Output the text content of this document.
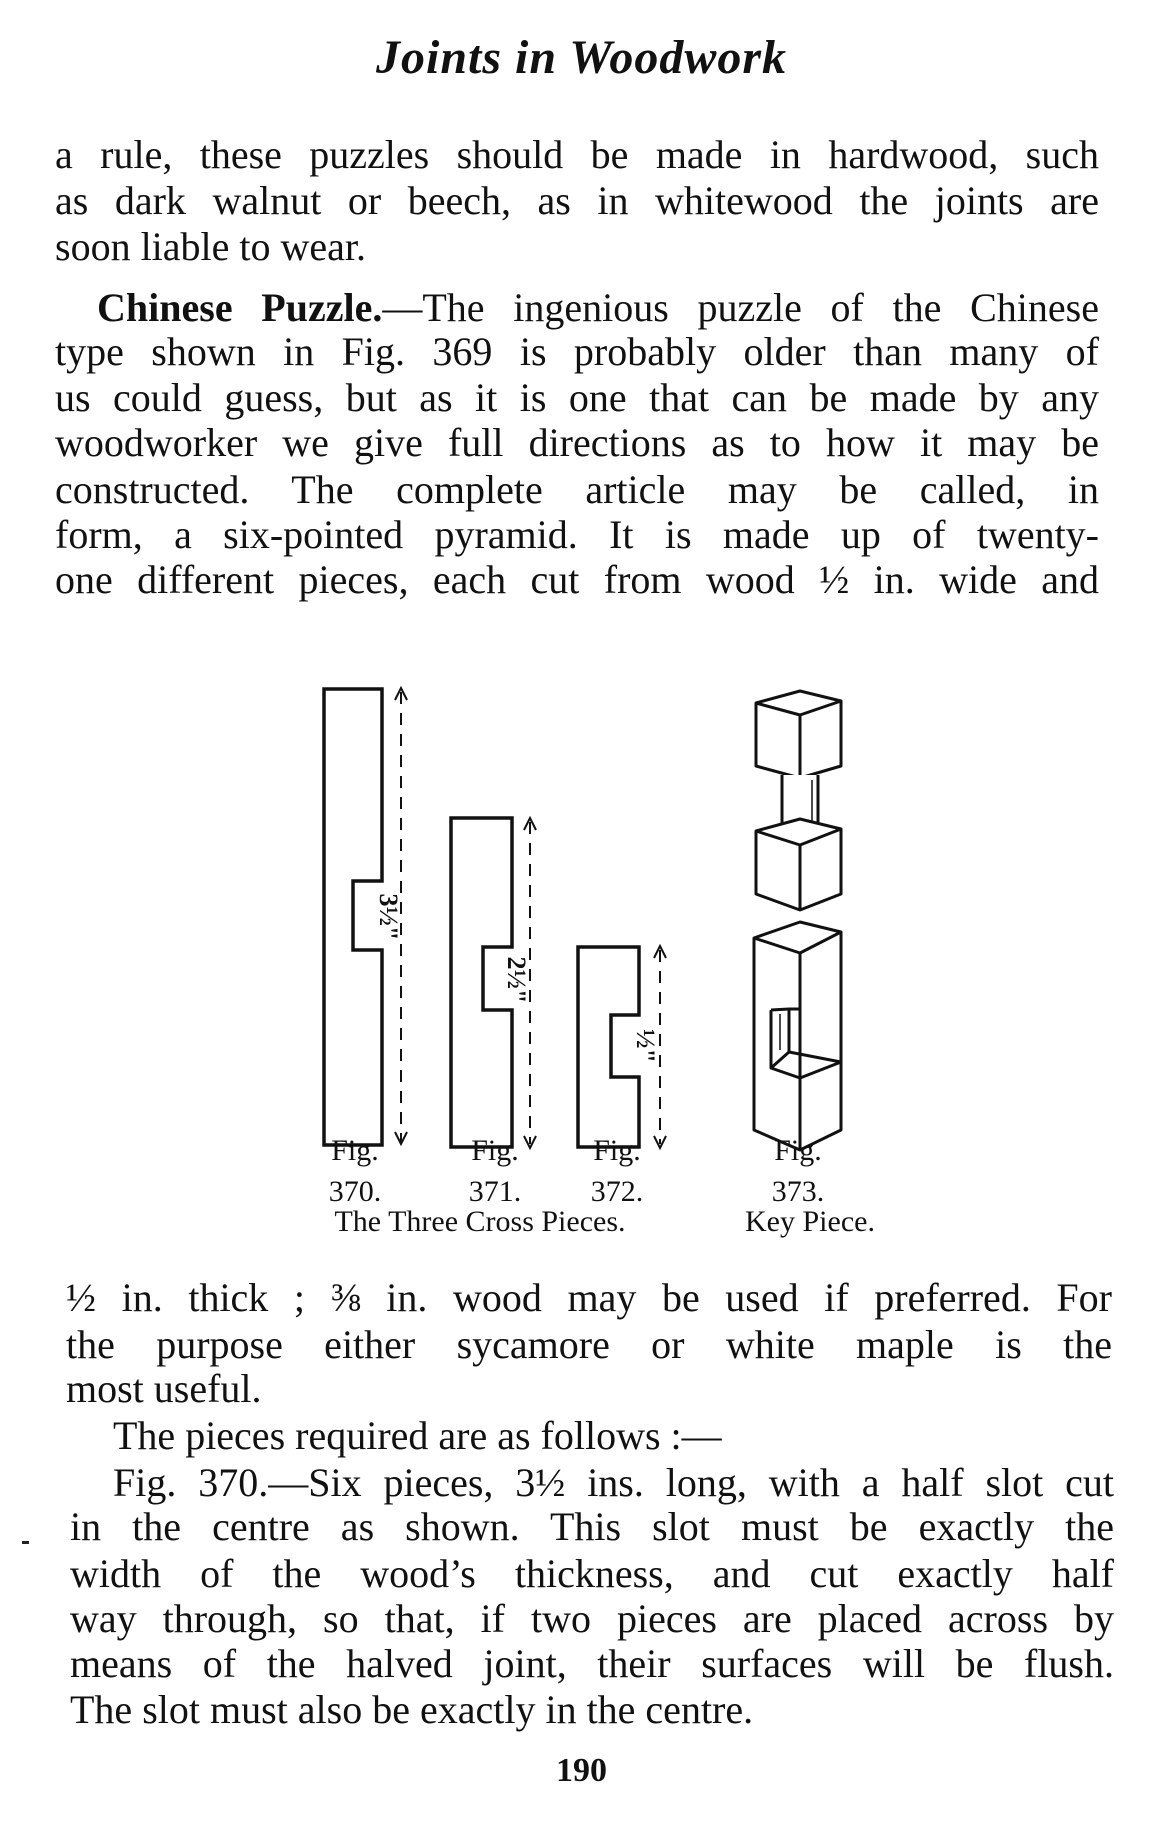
Joints in Woodwork
a rule, these puzzles should be made in hardwood, such
as dark walnut or beech, as in whitewood the joints are
soon liable to wear.
Chinese Puzzle.—The ingenious puzzle of the Chinese
type shown in Fig. 369 is probably older than many of
us could guess, but as it is one that can be made by any
woodworker we give full directions as to how it may be
constructed. The complete article may be called, in
form, a six-pointed pyramid. It is made up of twenty-
one different pieces, each cut from wood ½ in. wide and
3½"
2½"
½"
Fig.
370.
Fig.
371.
Fig.
372.
Fig.
373.
The Three Cross Pieces.	Key Piece.
½ in. thick ; ⅜ in. wood may be used if preferred. For
the purpose either sycamore or white maple is the
most useful.
The pieces required are as follows :—
Fig. 370.—Six pieces, 3½ ins. long, with a half slot cut
in the centre as shown. This slot must be exactly the
width of the wood’s thickness, and cut exactly half
way through, so that, if two pieces are placed across by
means of the halved joint, their surfaces will be flush.
The slot must also be exactly in the centre.
190
